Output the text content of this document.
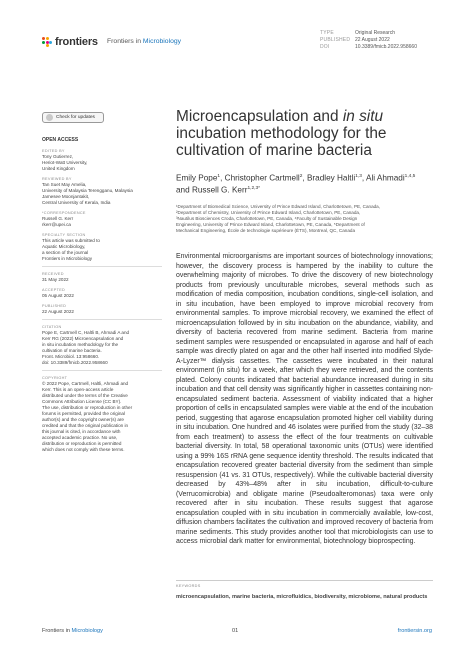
frontiers Frontiers in Microbiology
TYPE	Original Research
PUBLISHED 22 August 2022
DOI	10.3389/fmicb.2022.958660
Check for updates
OPEN ACCESS
EDITED BY
Tony Gutierrez,
Heriot-Watt University,
United Kingdom
REVIEWED BY
Tan Suet May Amelia,
University of Malaysia Terengganu, Malaysia
Jamesee Moonjantakit,
Central University of Kerala, India
*CORRESPONDENCE
Russell G. Kerr
rkerr@upei.ca
SPECIALTY SECTION
This article was submitted to
Aquatic Microbiology,
a section of the journal
Frontiers in Microbiology
RECEIVED
31 May 2022
ACCEPTED
05 August 2022
PUBLISHED
22 August 2022
CITATION
Pope E, Cartmell C, Haltli B, Ahmadi A and
Kerr RG (2022) Microencapsulation and
in situ incubation methodology for the
cultivation of marine bacteria.
Front. Microbiol. 13:958660.
doi: 10.3389/fmicb.2022.958660
COPYRIGHT
© 2022 Pope, Cartmell, Haltli, Ahmadi and
Kerr. This is an open-access article
distributed under the terms of the Creative
Commons Attribution License (CC BY).
The use, distribution or reproduction in other
forums is permitted, provided the original
author(s) and the copyright owner(s) are
credited and that the original publication in
this journal is cited, in accordance with
accepted academic practice. No use,
distribution or reproduction is permitted
which does not comply with these terms.
Microencapsulation and in situ incubation methodology for the cultivation of marine bacteria
Emily Pope$^1$, Christopher Cartmell$^2$, Bradley Haltli$^{1,3}$, Ali Ahmadi$^{1,4,5}$ and Russell G. Kerr$^{1,2,3*}$
¹Department of Biomedical Science, University of Prince Edward Island, Charlottetown, PE, Canada,
²Department of Chemistry, University of Prince Edward Island, Charlottetown, PE, Canada,
³Nautilus Biosciences Croda, Charlottetown, PE, Canada, ⁴Faculty of Sustainable Design
Engineering, University of Prince Edward Island, Charlottetown, PE, Canada, ⁵Department of
Mechanical Engineering, École de technologie supérieure (ÉTS), Montreal, QC, Canada

Environmental microorganisms are important sources of biotechnology innovations; however, the discovery process is hampered by the inability to culture the overwhelming majority of microbes. To drive the discovery of new biotechnology products from previously unculturable microbes, several methods such as modification of media composition, incubation conditions, single-cell isolation, and in situ incubation, have been employed to improve microbial recovery from environmental samples. To improve microbial recovery, we examined the effect of microencapsulation followed by in situ incubation on the abundance, viability, and diversity of bacteria recovered from marine sediment. Bacteria from marine sediment samples were resuspended or encapsulated in agarose and half of each sample was directly plated on agar and the other half inserted into modified Slyde-A-Lyzer™ dialysis cassettes. The cassettes were incubated in their natural environment (in situ) for a week, after which they were retrieved, and the contents plated. Colony counts indicated that bacterial abundance increased during in situ incubation and that cell density was significantly higher in cassettes containing non-encapsulated sediment bacteria. Assessment of viability indicated that a higher proportion of cells in encapsulated samples were viable at the end of the incubation period, suggesting that agarose encapsulation promoted higher cell viability during in situ incubation. One hundred and 46 isolates were purified from the study (32–38 from each treatment) to assess the effect of the four treatments on cultivable bacterial diversity. In total, 58 operational taxonomic units (OTUs) were identified using a 99% 16S rRNA gene sequence identity threshold. The results indicated that encapsulation recovered greater bacterial diversity from the sediment than simple resuspension (41 vs. 31 OTUs, respectively). While the cultivable bacterial diversity decreased by 43%–48% after in situ incubation, difficult-to-culture (Verrucomicrobia) and obligate marine (Pseudoalteromonas) taxa were only recovered after in situ incubation. These results suggest that agarose encapsulation coupled with in situ incubation in commercially available, low-cost, diffusion chambers facilitates the cultivation and improved recovery of bacteria from marine sediments. This study provides another tool that microbiologists can use to access microbial dark matter for environmental, biotechnology bioprospecting.

KEYWORDS
microencapsulation, marine bacteria, microfluidics, biodiversity, microbiome, natural products
Frontiers in Microbiology	01	frontiersin.org
